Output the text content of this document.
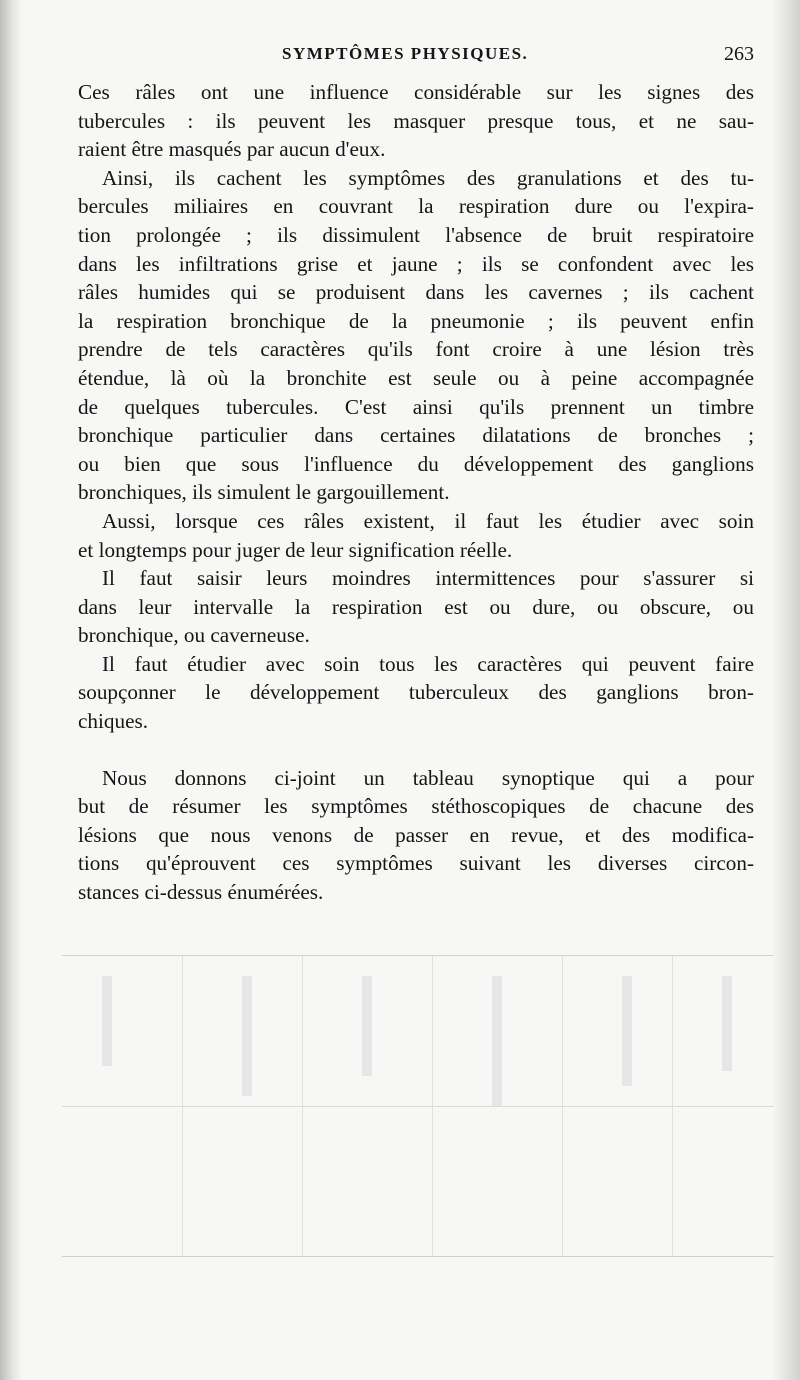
SYMPTÔMES PHYSIQUES.	263
Ces râles ont une influence considérable sur les signes des
tubercules : ils peuvent les masquer presque tous, et ne sau-
raient être masqués par aucun d'eux.
Ainsi, ils cachent les symptômes des granulations et des tu-
bercules miliaires en couvrant la respiration dure ou l'expira-
tion prolongée ; ils dissimulent l'absence de bruit respiratoire
dans les infiltrations grise et jaune ; ils se confondent avec les
râles humides qui se produisent dans les cavernes ; ils cachent
la respiration bronchique de la pneumonie ; ils peuvent enfin
prendre de tels caractères qu'ils font croire à une lésion très
étendue, là où la bronchite est seule ou à peine accompagnée
de quelques tubercules. C'est ainsi qu'ils prennent un timbre
bronchique particulier dans certaines dilatations de bronches ;
ou bien que sous l'influence du développement des ganglions
bronchiques, ils simulent le gargouillement.
Aussi, lorsque ces râles existent, il faut les étudier avec soin
et longtemps pour juger de leur signification réelle.
Il faut saisir leurs moindres intermittences pour s'assurer si
dans leur intervalle la respiration est ou dure, ou obscure, ou
bronchique, ou caverneuse.
Il faut étudier avec soin tous les caractères qui peuvent faire
soupçonner le développement tuberculeux des ganglions bron-
chiques.
Nous donnons ci-joint un tableau synoptique qui a pour
but de résumer les symptômes stéthoscopiques de chacune des
lésions que nous venons de passer en revue, et des modifica-
tions qu'éprouvent ces symptômes suivant les diverses circon-
stances ci-dessus énumérées.
